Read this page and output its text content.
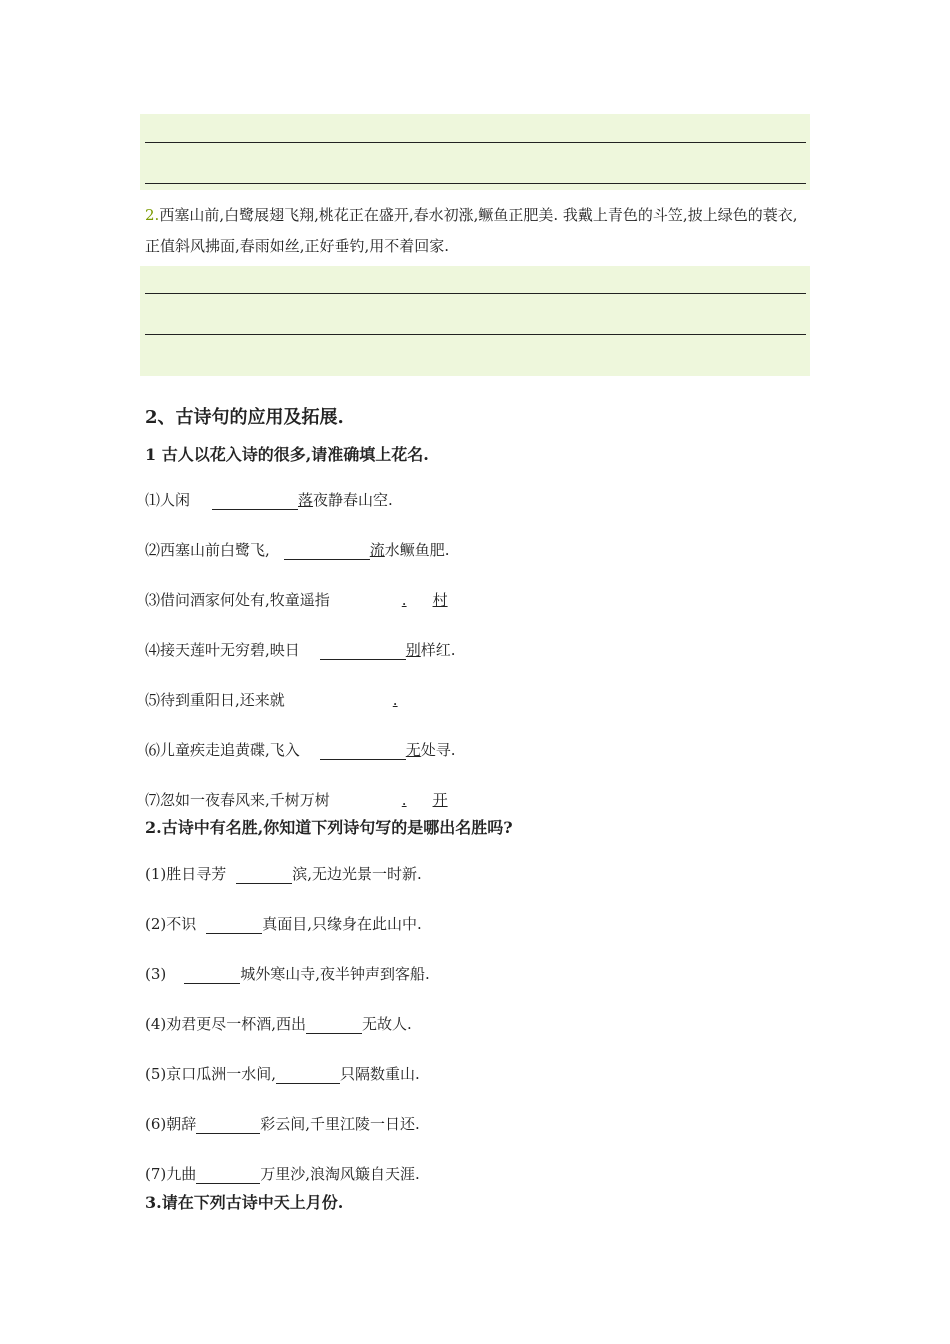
2.西塞山前,白鹭展翅飞翔,桃花正在盛开,春水初涨,鳜鱼正肥美. 我戴上青色的斗笠,披上绿色的蓑衣,正值斜风拂面,春雨如丝,正好垂钓,用不着回家.
2、古诗句的应用及拓展.
1 古人以花入诗的很多,请准确填上花名.
⑴人闲	落夜静春山空.
⑵西塞山前白鹭飞,	流水鳜鱼肥.
⑶借问酒家何处有,牧童遥指	. 村
⑷接天莲叶无穷碧,映日	别样红.
⑸待到重阳日,还来就	.
⑹儿童疾走追黄碟,飞入	无处寻.
⑺忽如一夜春风来,千树万树	. 开
2.古诗中有名胜,你知道下列诗句写的是哪出名胜吗?
(1)胜日寻芳	滨,无边光景一时新.
(2)不识	真面目,只缘身在此山中.
(3)	城外寒山寺,夜半钟声到客船.
(4)劝君更尽一杯酒,西出	无故人.
(5)京口瓜洲一水间,	只隔数重山.
(6)朝辞	彩云间,千里江陵一日还.
(7)九曲	万里沙,浪淘风簸自天涯.
3.请在下列古诗中天上月份.
